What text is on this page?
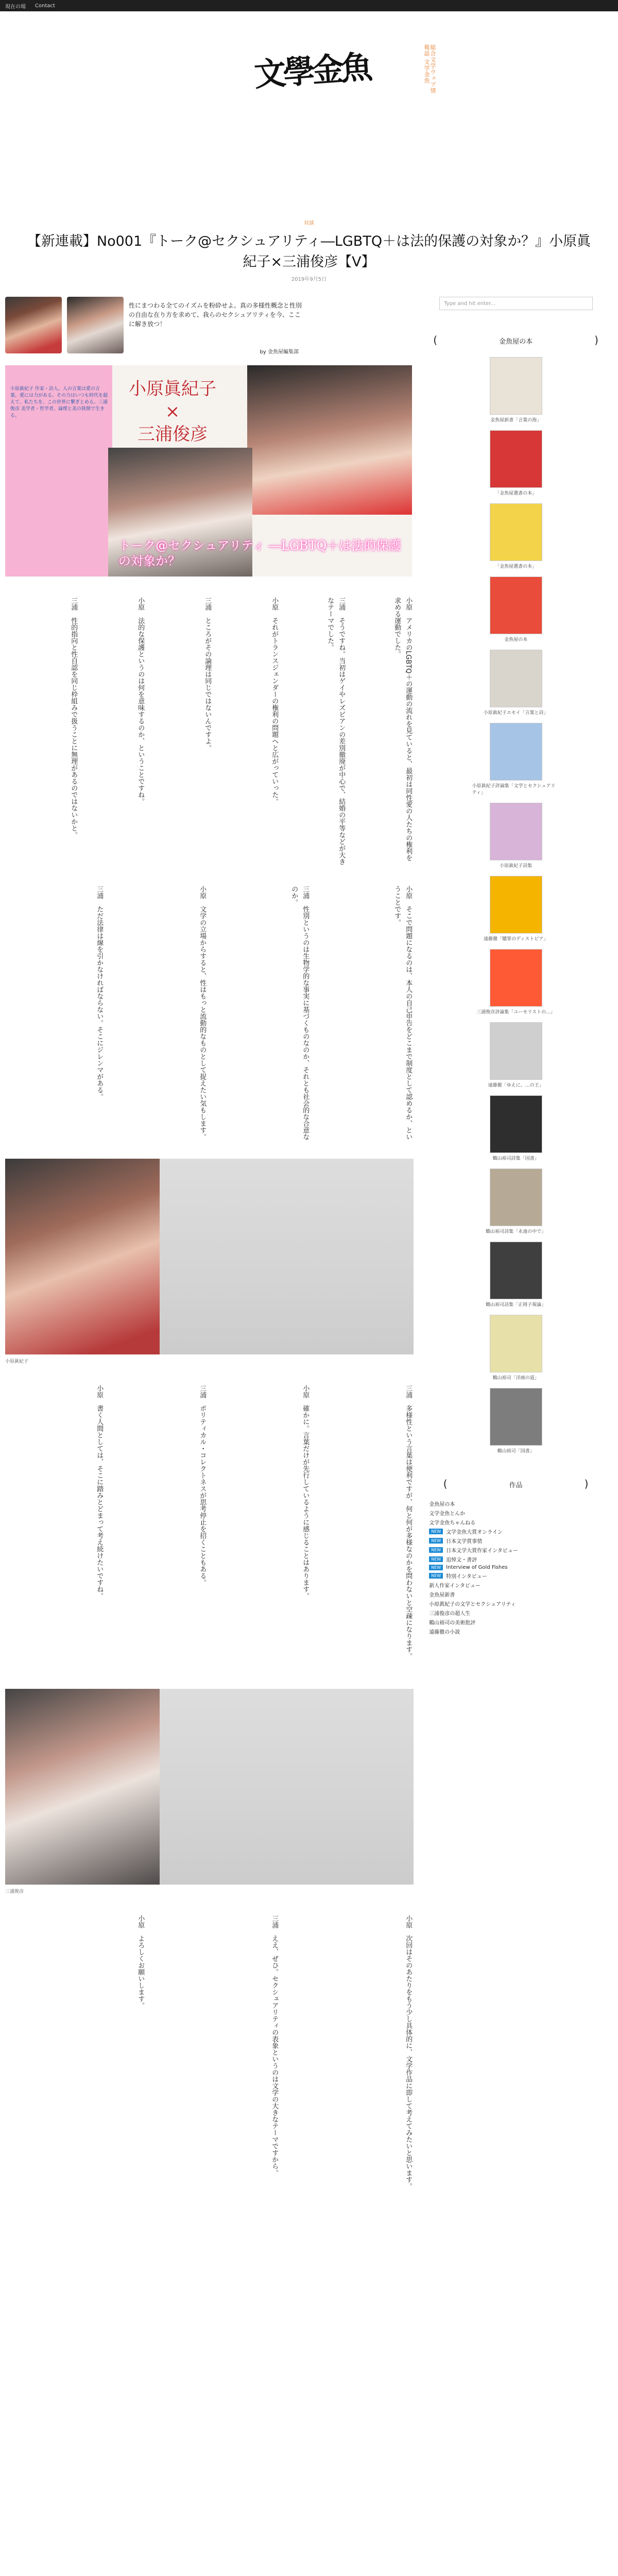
現在の場 Contact
文學金魚	総合文学ウェブ情報誌 文学金魚
対談
【新連載】No001『トーク@セクシュアリティ―LGBTQ＋は法的保護の対象か？』小原眞紀子×三浦俊彦【Ⅴ】
2019年9月5日
性にまつわる全てのイズムを粉砕せよ。真の多様性概念と性別の自由な在り方を求めて、我らのセクシュアリティを今、ここに解き放つ！
by 金魚屋編集部
小原眞紀子 作家・詩人。人の言葉は愛の言葉。愛には力がある。その力はいつも時代を超えて、私たちを、この世界に繋ぎとめる。三浦俊彦 美学者・哲学者。論理と美の狭間で生きる。
小原眞紀子
×
三浦俊彦
トーク@セクシュアリティ ―LGBTQ＋は法的保護の対象か？
小原　アメリカのLGBTQ＋の運動の流れを見ていると、最初は同性愛の人たちの権利を求める運動でした。
三浦　そうですね。当初はゲイやレズビアンの差別撤廃が中心で、結婚の平等などが大きなテーマでした。
小原　それがトランスジェンダーの権利の問題へと広がっていった。
三浦　ところがその論理は同じではないんですよ。
小原　法的な保護というのは何を意味するのか、ということですね。
三浦　性的指向と性自認を同じ枠組みで扱うことに無理があるのではないかと。
小原　そこで問題になるのは、本人の自己申告をどこまで制度として認めるか、ということです。
三浦　性別というのは生物学的な事実に基づくものなのか、それとも社会的な合意なのか。
小原　文学の立場からすると、性はもっと流動的なものとして捉えたい気もします。
三浦　ただ法律は線を引かなければならない。そこにジレンマがある。
小原眞紀子
三浦　多様性という言葉は便利ですが、何と何が多様なのかを問わないと空疎になります。
小原　確かに。言葉だけが先行しているように感じることはあります。
三浦　ポリティカル・コレクトネスが思考停止を招くこともある。
小原　書く人間としては、そこに踏みとどまって考え続けたいですね。
三浦俊彦
小原　次回はそのあたりをもう少し具体的に、文学作品に即して考えてみたいと思います。
三浦　ええ、ぜひ。セクシュアリティの表象というのは文学の大きなテーマですから。
小原　よろしくお願いします。
Type and hit enter...
(	金魚屋の本	)
金魚屋新書「言葉の海」
「金魚屋選書の本」
「金魚屋選書の本」
金魚屋の本
小原眞紀子エセイ「言葉と詩」
小原眞紀子評論集「文学とセクシュアリティ」
小原眞紀子詩集
遠藤徹「贖罪のディストピア」
三浦俊彦評論集「ユーモリストの…」
遠藤徹「ゆえに、…の王」
鶴山裕司詩集「国書」
鶴山裕司詩集「永遠の中で」
鶴山裕司詩集「正岡子規論」
鶴山裕司「洋画の道」
鶴山裕司「国書」
(	作品	)
金魚屋の本
文学金魚とんか
文学金魚ちゃんねる
NEW	文学金魚大賞オンライン
NEW	日本文学賞事情
NEW	日本文学大賞作家インタビュー
NEW	追悼文・書評
NEW	Interview of Gold Fishes
NEW	特別インタビュー
新人作家インタビュー
金魚屋新書
小原眞紀子の文学とセクシュアリティ
三浦俊彦の超人生
鶴山裕司の美術批評
遠藤徹の小説
